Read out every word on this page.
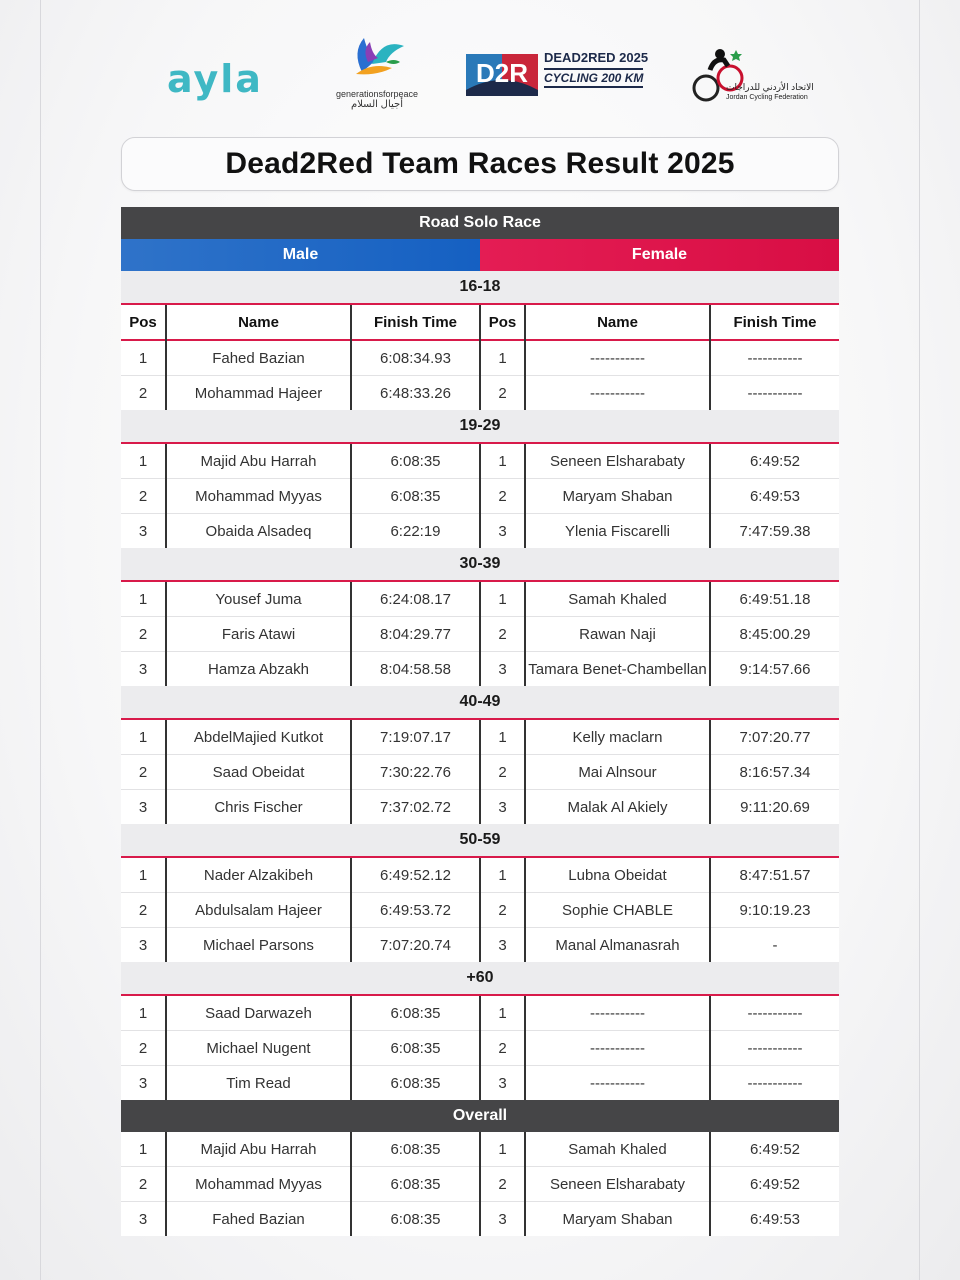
ayla	generationsforpeace
أجيال السلام
D2R
DEAD2RED 2025
CYCLING 200 KM
الاتحاد الأردني للدراجات
Jordan Cycling Federation
Dead2Red Team Races Result 2025
Road Solo Race
Male	Female
16-18
Pos	Name	Finish Time	Pos	Name	Finish Time
1	Fahed Bazian	6:08:34.93	1	-----------	-----------
2	Mohammad Hajeer	6:48:33.26	2	-----------	-----------
19-29
1	Majid Abu Harrah	6:08:35	1	Seneen Elsharabaty	6:49:52
2	Mohammad Myyas	6:08:35	2	Maryam Shaban	6:49:53
3	Obaida Alsadeq	6:22:19	3	Ylenia Fiscarelli	7:47:59.38
30-39
1	Yousef Juma	6:24:08.17	1	Samah Khaled	6:49:51.18
2	Faris Atawi	8:04:29.77	2	Rawan Naji	8:45:00.29
3	Hamza Abzakh	8:04:58.58	3	Tamara Benet-Chambellan	9:14:57.66
40-49
1	AbdelMajied Kutkot	7:19:07.17	1	Kelly maclarn	7:07:20.77
2	Saad Obeidat	7:30:22.76	2	Mai Alnsour	8:16:57.34
3	Chris Fischer	7:37:02.72	3	Malak Al Akiely	9:11:20.69
50-59
1	Nader Alzakibeh	6:49:52.12	1	Lubna Obeidat	8:47:51.57
2	Abdulsalam Hajeer	6:49:53.72	2	Sophie CHABLE	9:10:19.23
3	Michael Parsons	7:07:20.74	3	Manal Almanasrah	-
+60
1	Saad Darwazeh	6:08:35	1	-----------	-----------
2	Michael Nugent	6:08:35	2	-----------	-----------
3	Tim Read	6:08:35	3	-----------	-----------
Overall
1	Majid Abu Harrah	6:08:35	1	Samah Khaled	6:49:52
2	Mohammad Myyas	6:08:35	2	Seneen Elsharabaty	6:49:52
3	Fahed Bazian	6:08:35	3	Maryam Shaban	6:49:53
